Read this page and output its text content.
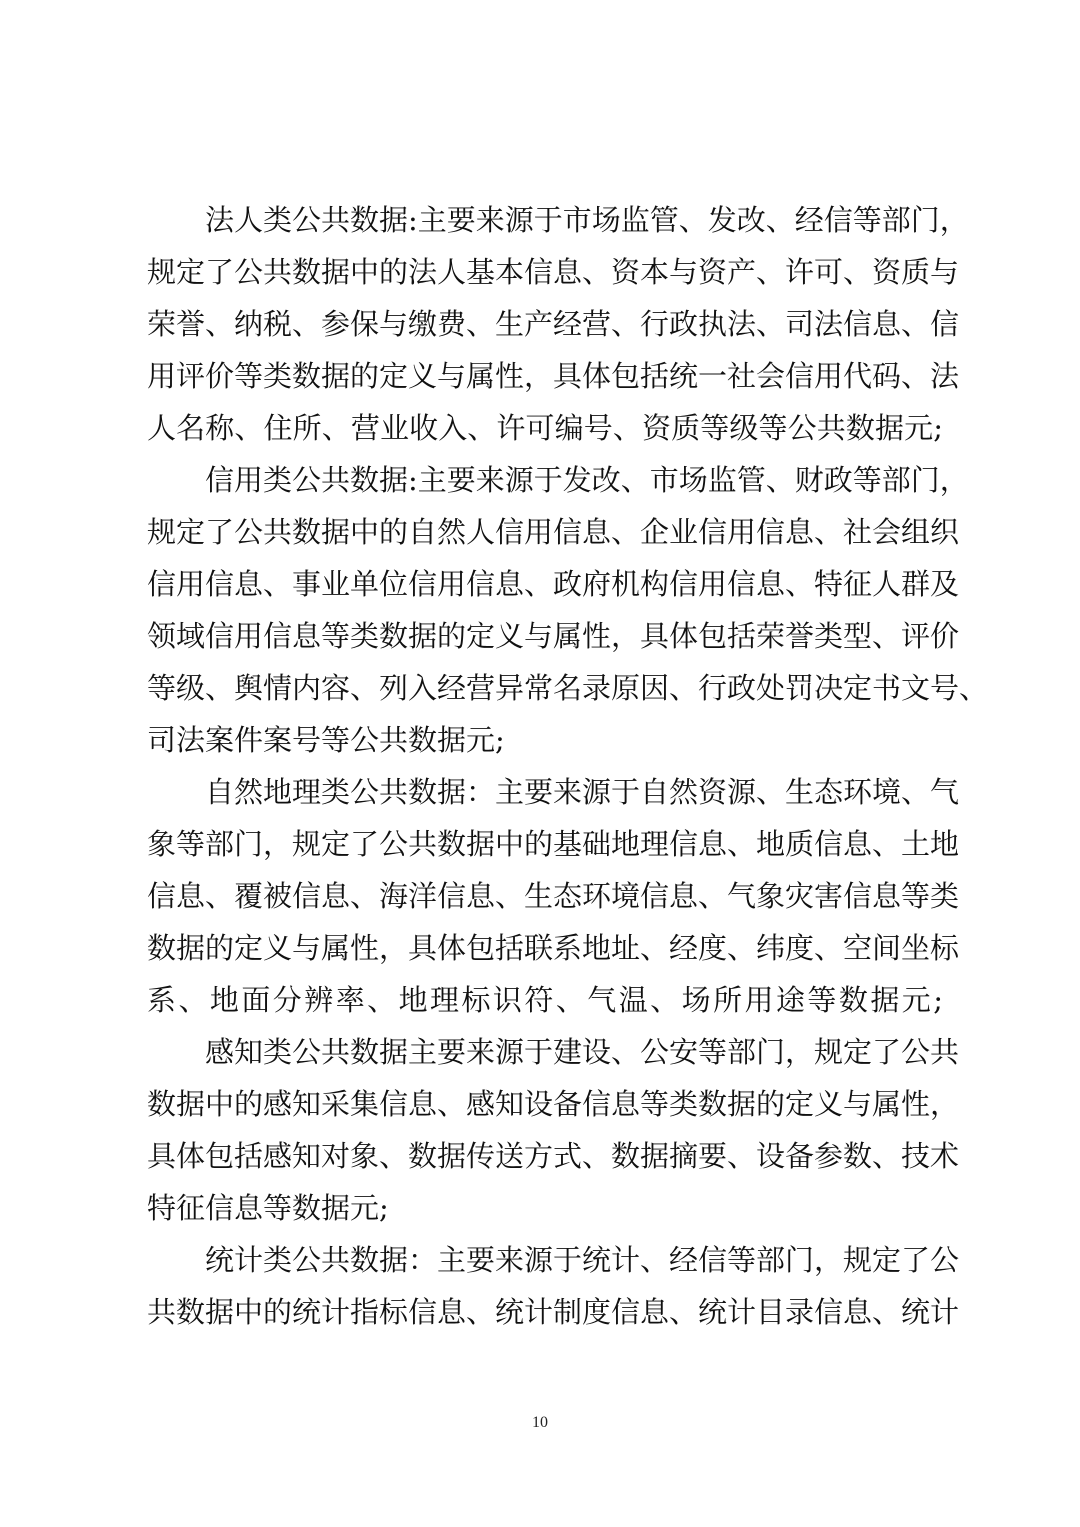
　　法人类公共数据:主要来源于市场监管、发改、经信等部门，
规定了公共数据中的法人基本信息、资本与资产、许可、资质与
荣誉、纳税、参保与缴费、生产经营、行政执法、司法信息、信
用评价等类数据的定义与属性，具体包括统一社会信用代码、法
人名称、住所、营业收入、许可编号、资质等级等公共数据元;
　　信用类公共数据:主要来源于发改、市场监管、财政等部门，
规定了公共数据中的自然人信用信息、企业信用信息、社会组织
信用信息、事业单位信用信息、政府机构信用信息、特征人群及
领域信用信息等类数据的定义与属性，具体包括荣誉类型、评价
等级、舆情内容、列入经营异常名录原因、行政处罚决定书文号、
司法案件案号等公共数据元;
　　自然地理类公共数据：主要来源于自然资源、生态环境、气
象等部门，规定了公共数据中的基础地理信息、地质信息、土地
信息、覆被信息、海洋信息、生态环境信息、气象灾害信息等类
数据的定义与属性，具体包括联系地址、经度、纬度、空间坐标
系、地面分辨率、地理标识符、气温、场所用途等数据元;
　　感知类公共数据主要来源于建设、公安等部门，规定了公共
数据中的感知采集信息、感知设备信息等类数据的定义与属性，
具体包括感知对象、数据传送方式、数据摘要、设备参数、技术
特征信息等数据元;
　　统计类公共数据：主要来源于统计、经信等部门，规定了公
共数据中的统计指标信息、统计制度信息、统计目录信息、统计
10
